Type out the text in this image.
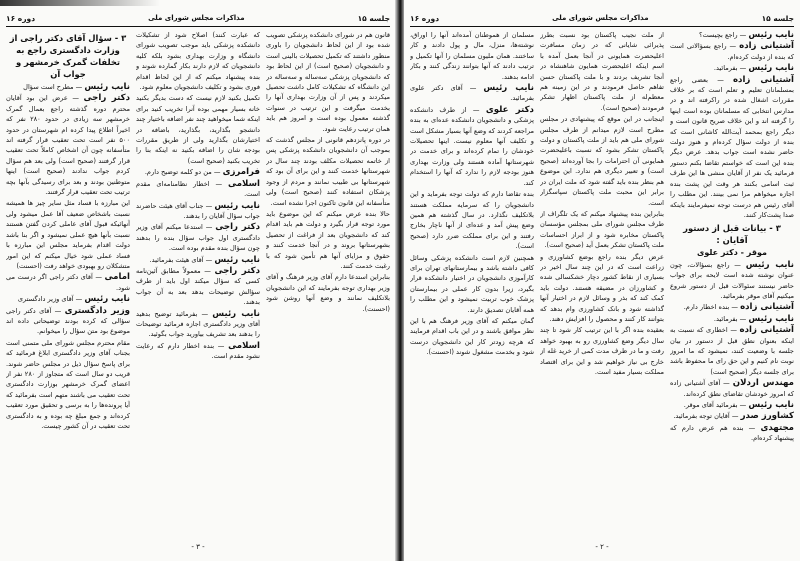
جلسه ۱۵
مذاکرات مجلس شورای ملی
دوره ۱۶

قانون هم در شورای دانشکده پزشکی تصویب شده بود از این لحاظ دانشجویان را باوری منظور داشتند که تکمیل تحصیلات بالینی است و دانشجویان (صحیح است) از این لحاظ بود که دانشجویان پزشکی سه‌ساله و سه‌ساله در این دانشگاه که تشکیلات کامل داشت تحصیل میکردند و پس از آن وزارت بهداری آنها را بخدمت میگرفت و این ترتیب در سنوات گذشته معمول بوده است و امروز هم باید همان ترتیب رعایت شود.

در دوره پانزدهم قانونی از مجلس گذشت که بموجب آن دانشجویان دانشکده پزشکی پس از خاتمه تحصیلات مکلف بودند چند سال در شهرستانها خدمت کنند و این برای آن بود که شهرستانها بی طبیب نمانند و مردم از وجود پزشکان استفاده کنند (صحیح است) ولی متأسفانه این قانون تاکنون اجرا نشده است.

حالا بنده عرض میکنم که این موضوع باید مورد توجه قرار بگیرد و دولت هم باید اقدام کند که دانشجویان بعد از فراغت از تحصیل بشهرستانها بروند و در آنجا خدمت کنند و حقوق و مزایای آنها هم تأمین شود که با رغبت خدمت کنند.

بنابراین استدعا دارم آقای وزیر فرهنگ و آقای وزیر بهداری توجه بفرمایند که این دانشجویان بلاتکلیف نمانند و وضع آنها روشن شود (احسنت).

که عبارت کنند) اصلاح شود از تشکیلات دانشکده پزشکی باید موجب تصویب شورای دانشگاه و وزارت بهداری بشود بلکه کلیه دانشجویان که لازم دارند بکار گمارده شوند و بنده پیشنهاد میکنم که از این لحاظ اقدام فوری بشود و تکلیف دانشجویان معلوم شود.

تکمیل بکنید لازم نیست که دست بدیگر بکنید خانه بسیار مهمی بوده آنرا تخریب کنید برای اینکه شما میخواهید چند نفر اضافه باختیار چند دانشجو بگذارید، بگذارید، باضافه در اختیارشان بگذارید ولی از طریق مقررات بودجه شان را اضافه بکنید نه اینکه بنا را تخریب بکنید (صحیح است)

فرامرزی — من دو کلمه توضیح دارم.

اسلامی — اخطار نظامنامه‌ای مقدم است.

نایب رئیس — جناب آقای هیئت حاضرند جواب سؤال آقایان را بدهند.

دکتر راجی — استدعا میکنم آقای وزیر دادگستری اول جواب سؤال بنده را بدهند چون سؤال بنده مقدم بوده است.

نایب رئیس — آقای هیئت بفرمائید.

دکتر راجی — معمولاً مطابق آئین‌نامه کسی که سؤال میکند اول باید از طرف سؤالش توضیحات بدهد بعد به آن جواب بدهند.

نایب رئیس — بفرمائید توضیح بدهید آقای وزیر دادگستری اجازه فرمائید توضیحات را بدهند بعد تشریف بیاورید جواب بگوئید.

اسلامی — بنده اخطار دارم که رعایت نشود مقدم است.

۳ - سؤال آقای دکتر راجی از وزارت دادگستری راجع به تخلفات گمرک خرمشهر و جواب آن

نایب رئیس — مطرح است سؤال

دکتر راجی — عرض این بود آقایان محترم دوره گذشته راجع بعمال گمرک خرمشهر سه زیادی در حدود ۲۸۰ نفر که اخیراً اطلاع پیدا کرده ام شهرستان در حدود ۵۰۰ نفر است تحت تعقیب قرار گرفته اند متأسفانه چون آن اشخاص کاملاً تحت تعقیب قرار گرفتند (صحیح است) ولی بعد هم سؤال کردم جواب ندادند (صحیح است) اینها متوطنین بودند و بعد برای رسیدگی بآنها بچه ترتیب تحت تعقیب قرار گرفتند.

این مبارزه با فساد مثل سایر چیز ها همیشه نسبت باشخاص ضعیف آقا عمل میشود ولی آنهائیکه قبول آقای عاملی کردن گفتن هستند نسبت بآنها هیچ عملی نمیشود و اگر بنا باشد دولت اقدام بفرماید مجلس این مبارزه با فساد عملی شود خیال میکنم که این امور متشکلان رو بهبودی خواهد رفت (احسنت)

امامی — آقای دکتر راجی اگر درست می شود.

نایب رئیس — آقای وزیر دادگستری

وزیر دادگستری — آقای دکتر راجی سؤالی که کرده بودند توضیحاتی داده اند موضوع بود متن سؤال را میخوانم.

مقام محترم مجلس شورای ملی متمنی است بجناب آقای وزیر دادگستری ابلاغ فرمائید که برای پاسخ سؤال ذیل در مجلس حاضر شوند. قریب دو سال است که متجاوز از ۲۸۰ نفر از اعضای گمرک خرمشهر بوزارت دادگستری تحت تعقیب می باشند متهم است بفرمائید که آیا پرونده‌ها را به برسی و تحقیق مورد تعقیب کرده‌اند و جمع مبلغ چه بوده و به دادگستری تحت تعقیب در آن کشور چیست.

- ۳ -
جلسه ۱۵
مذاکرات مجلس شورای ملی
دوره ۱۶

نایب رئیس — راجع بچیست؟

آشتیانی زاده — راجع بسؤالاتی است که بنده از دولت کرده‌ام.

نایب رئیس — بفرمائید.

آشتیانی زاده — بعضی راجع بمسلمانان تعلیم و تعلم است که بر خلاف مقررات اشغال شده در راکرفته اند و در مدارس انتخابی که مسلمانان بوده است اینها را گرفته اند و این خلاف صریح قانون است و دیگر راجع بمحمد آیت‌الله کاشانی است که بنده از دولت سؤال کرده‌ام و هنوز دولت حاضر نشده است جواب بدهد. عرض دیگر بنده این است که خواستم تقاضا بکنم دستور فرمائید یک نفر از آقایان منشی ها این طرف ثبت اسامی بکنند هر وقت این پشت بنده اجازه میخواهم مرا نمی بینند. این مطلب را آقای رئیس هم درست توجه نمیفرمایند باینکه صدا پشت‌کار کنند.

۳ - بیانات قبل از دستور آقایان :

موقر - دکتر علوی

نایب رئیس — راجع بسؤالات، چون عنوان نوشته شده است لایحه برای جواب حاضر نیستند سئوالات قبل از دستور شروع میکنیم آقای موقر بفرمائید.

آشتیانی زاده — بنده اخطار دارم.

نایب رئیس — بفرمائید.

آشتیانی زاده — اخطاری که نسبت به اینکه بعنوان نطق قبل از دستور در بیان جلسه با وضعیت کنند، نمیشود که ما امروز نوبت نام کنیم و این حق رای ما محفوظ باشد برای جلسه دیگر (صحیح است)

مهندس اردلان — آقای آشتیانی زاده که امروز خودشان تقاضای نطق کرده‌اند.

نایب رئیس — بفرمائید آقای موقر.

کشاورز صدر — آقایان توجه بفرمائید.

مجتهدی — بنده هم عرض دارم که پیشنهاد کرده‌ام.

از ملت نجیب پاکستان بود نسبت بطرز پذیرائی شایانی که در زمان مسافرت اعلیحضرت همایونی در آنجا بعمل آمده با اسم اینکه اعلیحضرت همایون شاهنشاه در آنجا تشریف بردند و با ملت پاکستان حسن تفاهم حاصل فرمودند و در این زمینه هم معظم‌له از ملت پاکستان اظهار تشکر فرمودند (صحیح است).

اینجانب در این موقع که پیشنهادی در مجلس مطرح است لازم میدانم از طرف مجلس شورای ملی هم باید از ملت پاکستان و دولت پاکستان تشکر بشود که نسبت باعلیحضرت همایونی آن احترامات را بجا آورده‌اند (صحیح است) و تعبیر دیگری هم ندارد. این موضوع هم بنظر بنده باید گفته شود که ملت ایران در برابر این محبت ملت پاکستان سپاسگزار است.

بنابراین بنده پیشنهاد میکنم که یک تلگراف از طرف مجلس شورای ملی بمجلس مؤسسان پاکستان مخابره شود و از ابراز احساسات ملت پاکستان تشکر بعمل آید (صحیح است).

عرض دیگر بنده راجع بوضع کشاورزی و زراعت است که در این چند سال اخیر در بسیاری از نقاط کشور دچار خشکسالی شده و کشاورزان در مضیقه هستند. دولت باید کمک کند که بذر و وسائل لازم در اختیار آنها گذاشته شود و بانک کشاورزی وام بدهد که بتوانند کار کنند و محصول را افزایش دهند.

بعقیده بنده اگر با این ترتیب کار شود تا چند سال دیگر وضع کشاورزی رو به بهبود خواهد رفت و ما در ظرف مدت کمی از خرید غله از خارج بی نیاز خواهیم شد و این برای اقتصاد مملکت بسیار مفید است.

مسلمان از هموطنان آمده‌اند آنها را اوراق، نوشته‌ها، منزل، مال و پول دادند و کار ساختند. همان ملیون مسلمان را آنها تکمیل و ترتیب دادند که آنها بتوانند زندگی کنند و بکار ادامه بدهند.

نایب رئیس — آقای دکتر علوی بفرمائید.

دکتر علوی — از طرف دانشکده پزشکی و دانشجویان دانشکده عده‌ای به بنده مراجعه کردند که وضع آنها بسیار مشکل است و تکلیف آنها معلوم نیست. اینها تحصیلات خودشان را تمام کرده‌اند و برای خدمت در شهرستانها آماده هستند ولی وزارت بهداری هنوز بودجه لازم را ندارد که آنها را استخدام کند.

بنده تقاضا دارم که دولت توجه بفرماید و این دانشجویان را که سرمایه مملکت هستند بلاتکلیف نگذارد. در سال گذشته هم همین وضع پیش آمد و عده‌ای از آنها ناچار بخارج رفتند و این برای مملکت ضرر دارد (صحیح است).

همچنین لازم است دانشکده پزشکی وسائل کافی داشته باشد و بیمارستانهای تهران برای کارآموزی دانشجویان در اختیار دانشکده قرار بگیرد، زیرا بدون کار عملی در بیمارستان پزشک خوب تربیت نمیشود و این مطلب را همه آقایان تصدیق دارند.

گمان میکنم که آقای وزیر فرهنگ هم با این نظر موافق باشند و در این باب اقدام فرمایند که هرچه زودتر کار این دانشجویان درست شود و بخدمت مشغول شوند (احسنت).

- ۲ -
